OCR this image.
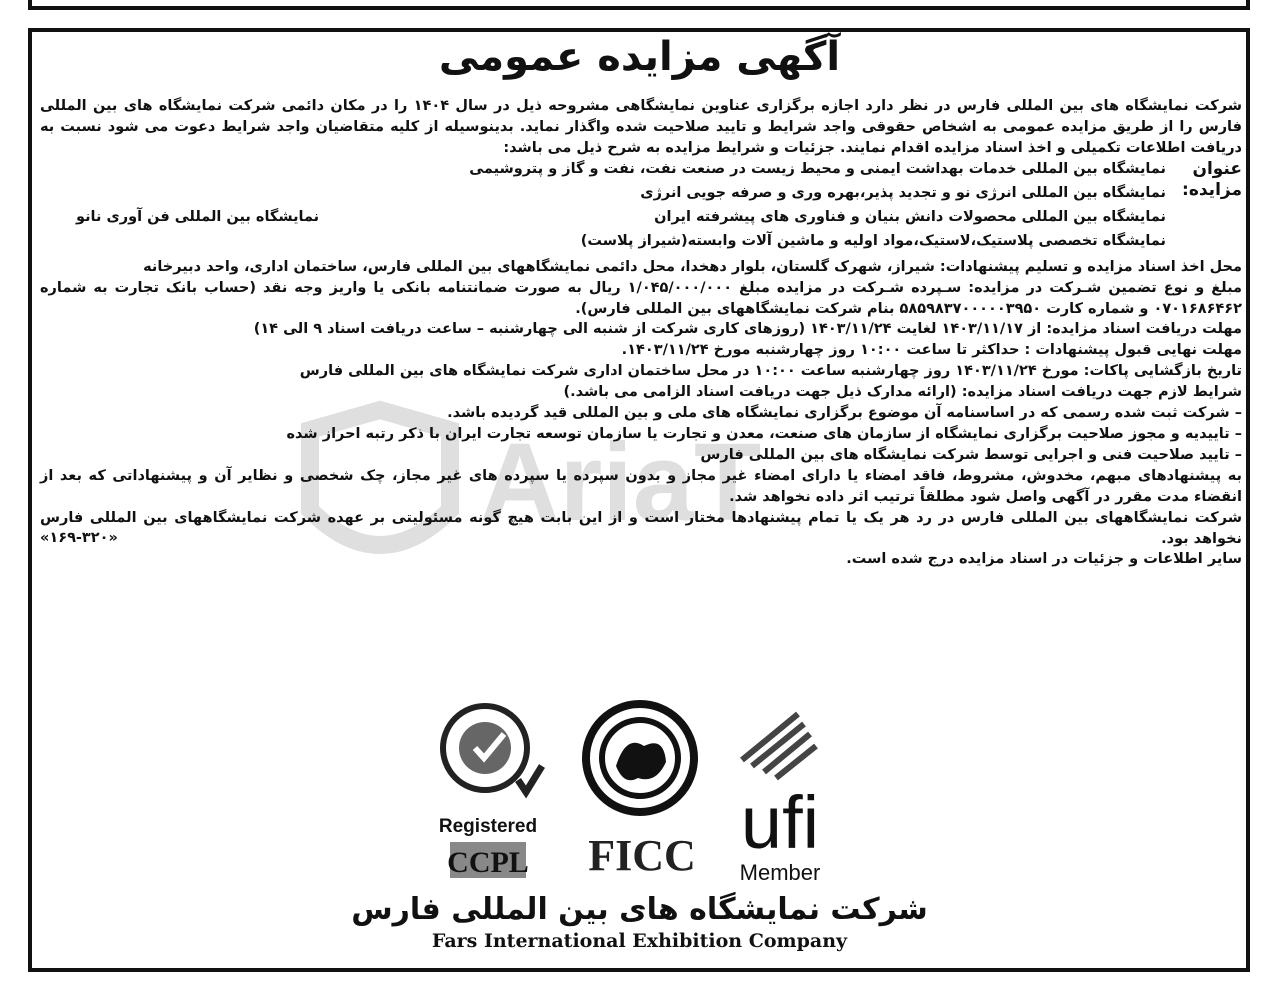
AriaT
آگهی مزایده عمومی

شرکت نمایشگاه های بین المللی فارس در نظر دارد اجازه برگزاری عناوین نمایشگاهی مشروحه ذیل در سال ۱۴۰۴ را در مکان دائمی شرکت نمایشگاه های بین المللی فارس را از طریق مزایده عمومی به اشخاص حقوقی واجد شرایط و تایید صلاحیت شده واگذار نماید. بدینوسیله از کلیه متقاضیان واجد شرایط دعوت می شود نسبت به دریافت اطلاعات تکمیلی و اخذ اسناد مزایده اقدام نمایند. جزئیات و شرایط مزایده به شرح ذیل می باشد:

عنوان مزایده:
نمایشگاه بین المللی خدمات بهداشت ایمنی و محیط زیست در صنعت نفت، نفت و گاز و پتروشیمی
نمایشگاه بین المللی انرژی نو و تجدید پذیر،بهره وری و صرفه جویی انرژی
نمایشگاه بین المللی محصولات دانش بنیان و فناوری های پیشرفته ایران
نمایشگاه بین المللی فن آوری نانو
نمایشگاه تخصصی پلاستیک،لاستیک،مواد اولیه و ماشین آلات وابسته(شیراز پلاست)

محل اخذ اسناد مزایده و تسلیم پیشنهادات: شیراز، شهرک گلستان، بلوار دهخدا، محل دائمی نمایشگاههای بین المللی فارس، ساختمان اداری، واحد دبیرخانه

مبلغ و نوع تضمین شـرکت در مزایده: سـپرده شـرکت در مزایده مبلغ ۱/۰۴۵/۰۰۰/۰۰۰ ریال به صورت ضمانتنامه بانکی یا واریز وجه نقد (حساب بانک تجارت به شماره ۰۷۰۱۶۸۶۴۶۲ و شماره کارت ۵۸۵۹۸۳۷۰۰۰۰۰۳۹۵۰ بنام شرکت نمایشگاههای بین المللی فارس).

مهلت دریافت اسناد مزایده: از ۱۴۰۳/۱۱/۱۷ لغایت ۱۴۰۳/۱۱/۲۴ (روزهای کاری شرکت از شنبه الی چهارشنبه – ساعت دریافت اسناد ۹ الی ۱۴)

مهلت نهایی قبول پیشنهادات : حداکثر تا ساعت ۱۰:۰۰ روز چهارشنبه مورخ ۱۴۰۳/۱۱/۲۴.

تاریخ بازگشایی پاکات: مورخ ۱۴۰۳/۱۱/۲۴ روز چهارشنبه ساعت ۱۰:۰۰ در محل ساختمان اداری شرکت نمایشگاه های بین المللی فارس

شرایط لازم جهت دریافت اسناد مزایده: (ارائه مدارک ذیل جهت دریافت اسناد الزامی می باشد.)

– شرکت ثبت شده رسمی که در اساسنامه آن موضوع برگزاری نمایشگاه های ملی و بین المللی قید گردیده باشد.

– تاییدیه و مجوز صلاحیت برگزاری نمایشگاه از سازمان های صنعت، معدن و تجارت یا سازمان توسعه تجارت ایران با ذکر رتبه احراز شده

– تایید صلاحیت فنی و اجرایی توسط شرکت نمایشگاه های بین المللی فارس

به پیشنهادهای مبهم، مخدوش، مشروط، فاقد امضاء یا دارای امضاء غیر مجاز و بدون سپرده یا سپرده های غیر مجاز، چک شخصی و نظایر آن و پیشنهاداتی که بعد از انقضاء مدت مقرر در آگهی واصل شود مطلقاً ترتیب اثر داده نخواهد شد.

شرکت نمایشگاههای بین المللی فارس در رد هر یک یا تمام پیشنهادها مختار است و از این بابت هیچ گونه مسئولیتی بر عهده شرکت نمایشگاههای بین المللی فارس نخواهد بود.

سایر اطلاعات و جزئیات در اسناد مزایده درج شده است.
«۱۶۹-۳۲۰»
Registered
CCPL FICC ufi
Member
شرکت نمایشگاه های بین المللی فارس
Fars International Exhibition Company
